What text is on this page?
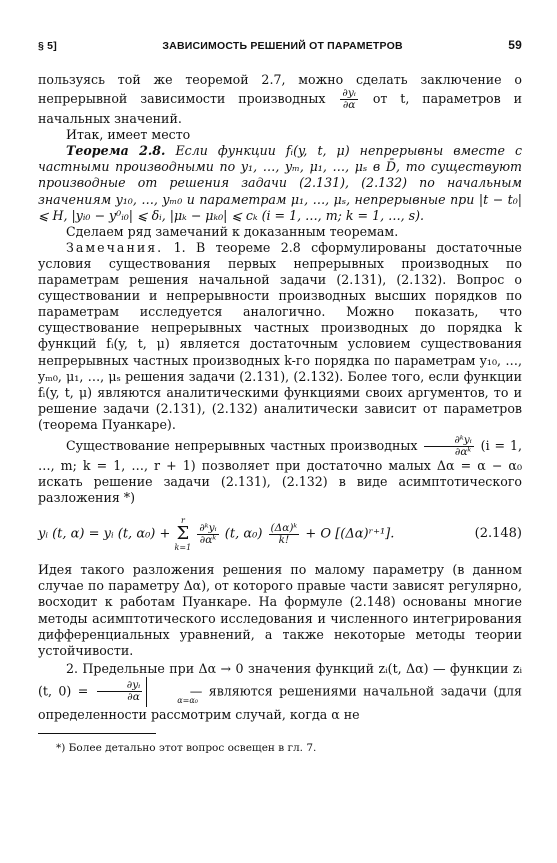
§ 5]	ЗАВИСИМОСТЬ РЕШЕНИЙ ОТ ПАРАМЕТРОВ	59

пользуясь той же теоремой 2.7, можно сделать заключение о непрерывной зависимости производных $\frac{\text{∂yᵢ}}{\partial\alpha}$ от t, параметров и начальных значений.

Итак, имеет место

Теорема 2.8. Если функции fᵢ(y, t, μ) непрерывны вместе с частными производными по y₁, …, yₘ, μ₁, …, μₛ в D̄, то существуют производные от решения задачи (2.131), (2.132) по начальным значениям y₁₀, …, yₘ₀ и параметрам μ₁, …, μₛ, непрерывные при |t − t₀| ⩽ H, |yᵢ₀ − y⁰ᵢ₀| ⩽ δᵢ, |μₖ − μₖ₀| ⩽ cₖ (i = 1, …, m; k = 1, …, s).

Сделаем ряд замечаний к доказанным теоремам.

Замечания. 1. В теореме 2.8 сформулированы достаточные условия существования первых непрерывных производных по параметрам решения начальной задачи (2.131), (2.132). Вопрос о существовании и непрерывности производных высших порядков по параметрам исследуется аналогично. Можно показать, что существование непрерывных частных производных до порядка k функций fᵢ(y, t, μ) является достаточным условием существования непрерывных частных производных k-го порядка по параметрам y₁₀, …, yₘ₀, μ₁, …, μₛ решения задачи (2.131), (2.132). Более того, если функции fᵢ(y, t, μ) являются аналитическими функциями своих аргументов, то и решение задачи (2.131), (2.132) аналитически зависит от параметров (теорема Пуанкаре).

Существование непрерывных частных производных $\frac{\text{∂ᵏyᵢ}}{\text{∂αᵏ}} (i = 1$, …, m; k = 1, …, r + 1) позволяет при достаточно малых Δα = α − α₀ искать решение задачи (2.131), (2.132) в виде асимптотического разложения *)

yᵢ (t, α) = yᵢ (t, α₀) +
r
Σ
k=1

$\frac{\text{∂ᵏyᵢ}}{\text{∂αᵏ}} (t$, $\alpha_0) \frac{\text{(Δα)ᵏ}}{k!} + O$ [(Δα)ʳ⁺¹].	(2.148)

Идея такого разложения решения по малому параметру (в данном случае по параметру Δα), от которого правые части зависят регулярно, восходит к работам Пуанкаре. На формуле (2.148) основаны многие методы асимптотического исследования и численного интегрирования дифференциальных уравнений, а также некоторые методы теории устойчивости.

2. Предельные при Δα → 0 значения функций zᵢ(t, Δα) — функции zᵢ (t, $0) = \frac{\text{∂yᵢ}}{\partial\alpha}$	α=α₀
— являются решениями начальной задачи (для определенности рассмотрим случай, когда α не

*) Более детально этот вопрос освещен в гл. 7.
